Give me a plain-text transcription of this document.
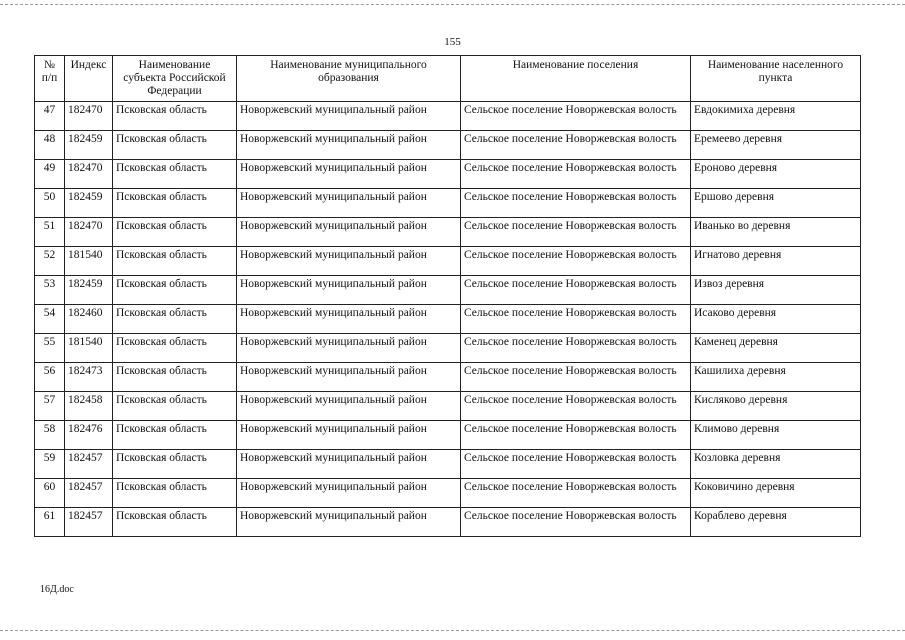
155
№ п/п	Индекс	Наименование субъекта Российской Федерации	Наименование муниципального образования	Наименование поселения	Наименование населенного пункта
47	182470	Псковская область	Новоржевский муниципальный район	Сельское поселение Новоржевская волость	Евдокимиха деревня
48	182459	Псковская область	Новоржевский муниципальный район	Сельское поселение Новоржевская волость	Еремеево деревня
49	182470	Псковская область	Новоржевский муниципальный район	Сельское поселение Новоржевская волость	Ероново деревня
50	182459	Псковская область	Новоржевский муниципальный район	Сельское поселение Новоржевская волость	Ершово деревня
51	182470	Псковская область	Новоржевский муниципальный район	Сельское поселение Новоржевская волость	Иванько во деревня
52	181540	Псковская область	Новоржевский муниципальный район	Сельское поселение Новоржевская волость	Игнатово деревня
53	182459	Псковская область	Новоржевский муниципальный район	Сельское поселение Новоржевская волость	Извоз деревня
54	182460	Псковская область	Новоржевский муниципальный район	Сельское поселение Новоржевская волость	Исаково деревня
55	181540	Псковская область	Новоржевский муниципальный район	Сельское поселение Новоржевская волость	Каменец деревня
56	182473	Псковская область	Новоржевский муниципальный район	Сельское поселение Новоржевская волость	Кашилиха деревня
57	182458	Псковская область	Новоржевский муниципальный район	Сельское поселение Новоржевская волость	Кисляково деревня
58	182476	Псковская область	Новоржевский муниципальный район	Сельское поселение Новоржевская волость	Климово деревня
59	182457	Псковская область	Новоржевский муниципальный район	Сельское поселение Новоржевская волость	Козловка деревня
60	182457	Псковская область	Новоржевский муниципальный район	Сельское поселение Новоржевская волость	Коковичино деревня
61	182457	Псковская область	Новоржевский муниципальный район	Сельское поселение Новоржевская волость	Кораблево деревня
16Д.doc
